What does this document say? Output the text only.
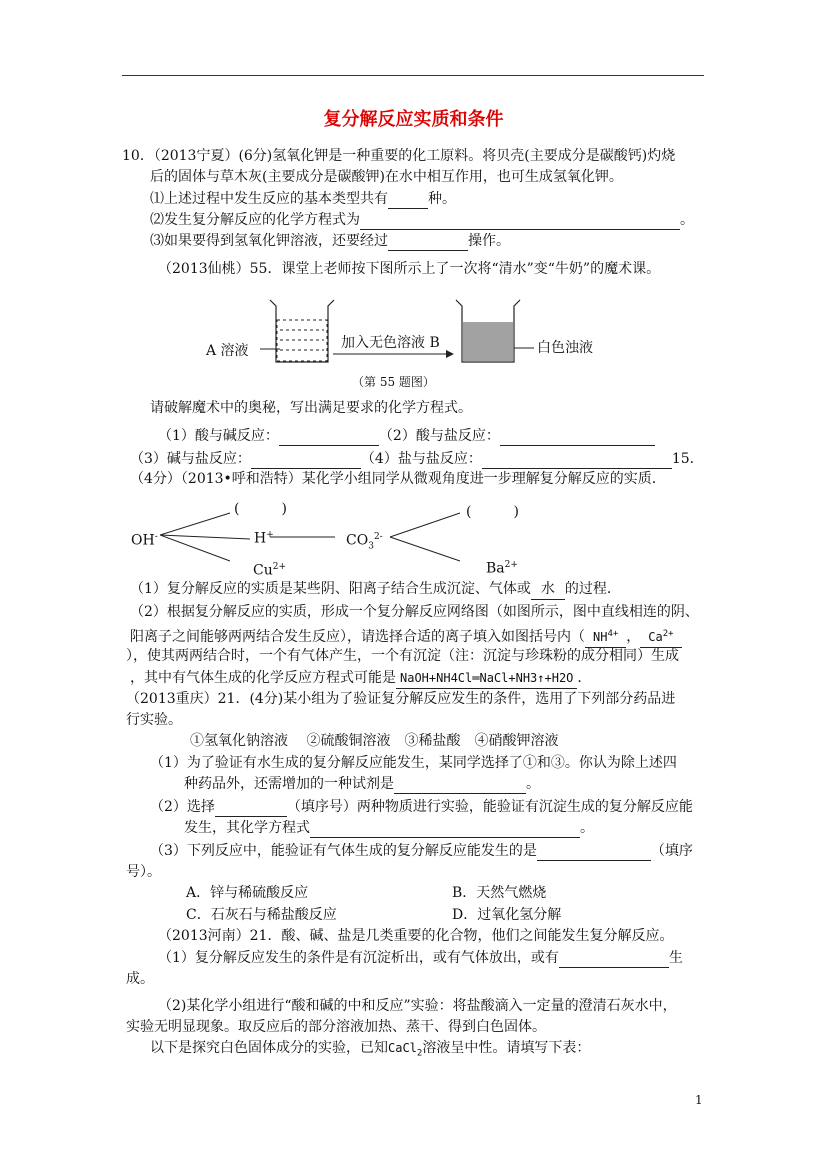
复分解反应实质和条件
10．（2013宁夏）(6分)氢氧化钾是一种重要的化工原料。将贝壳(主要成分是碳酸钙)灼烧
后的固体与草木灰(主要成分是碳酸钾)在水中相互作用，也可生成氢氧化钾。
⑴上述过程中发生反应的基本类型共有	种。
⑵发生复分解反应的化学方程式为	。
⑶如果要得到氢氧化钾溶液，还要经过	操作。
（2013仙桃）55．课堂上老师按下图所示上了一次将“清水”变“牛奶”的魔术课。
A 溶液	加入无色溶液 B	白色浊液
（第 55 题图）
请破解魔术中的奥秘，写出满足要求的化学方程式。
（1）酸与碱反应：	（2）酸与盐反应：
（3）碱与盐反应：	（4）盐与盐反应：	15．
（4分）（2013•呼和浩特）某化学小组同学从微观角度进一步理解复分解反应的实质．
OH-
(　　　)
H+	$CO_3^{2-}$
(　　　)
$Cu^{2+}$	$Ba^{2+}$
（1）复分解反应的实质是某些阴、阳离子结合生成沉淀、气体或 水 的过程．
（2）根据复分解反应的实质，形成一个复分解反应网络图（如图所示，图中直线相连的阴、
阳离子之间能够两两结合发生反应），请选择合适的离子填入如图括号内（ $NH^{4+}$ ， $Ca^{2+}$
），使其两两结合时，一个有气体产生，一个有沉淀（注：沉淀与珍珠粉的成分相同）生成
，其中有气体生成的化学反应方程式可能是 NaOH+NH4Cl═NaCl+NH3↑+H2O ．
（2013重庆）21．(4分)某小组为了验证复分解反应发生的条件，选用了下列部分药品进
行实验。
①氢氧化钠溶液　 ②硫酸铜溶液　③稀盐酸　④硝酸钾溶液
（1）为了验证有水生成的复分解反应能发生，某同学选择了①和③。你认为除上述四
种药品外，还需增加的一种试剂是	。
（2）选择	（填序号）两种物质进行实验，能验证有沉淀生成的复分解反应能
发生，其化学方程式	。
（3）下列反应中，能验证有气体生成的复分解反应能发生的是	（填序
号）。
A．锌与稀硫酸反应	B．天然气燃烧
C．石灰石与稀盐酸反应	D．过氧化氢分解
（2013河南）21．酸、碱、盐是几类重要的化合物，他们之间能发生复分解反应。
（1）复分解反应发生的条件是有沉淀析出，或有气体放出，或有	生
成。
（2)某化学小组进行“酸和碱的中和反应”实验：将盐酸滴入一定量的澄清石灰水中，
实验无明显现象。取反应后的部分溶液加热、蒸干、得到白色固体。
以下是探究白色固体成分的实验，已知CaCl$_2$溶液呈中性。请填写下表：
1
